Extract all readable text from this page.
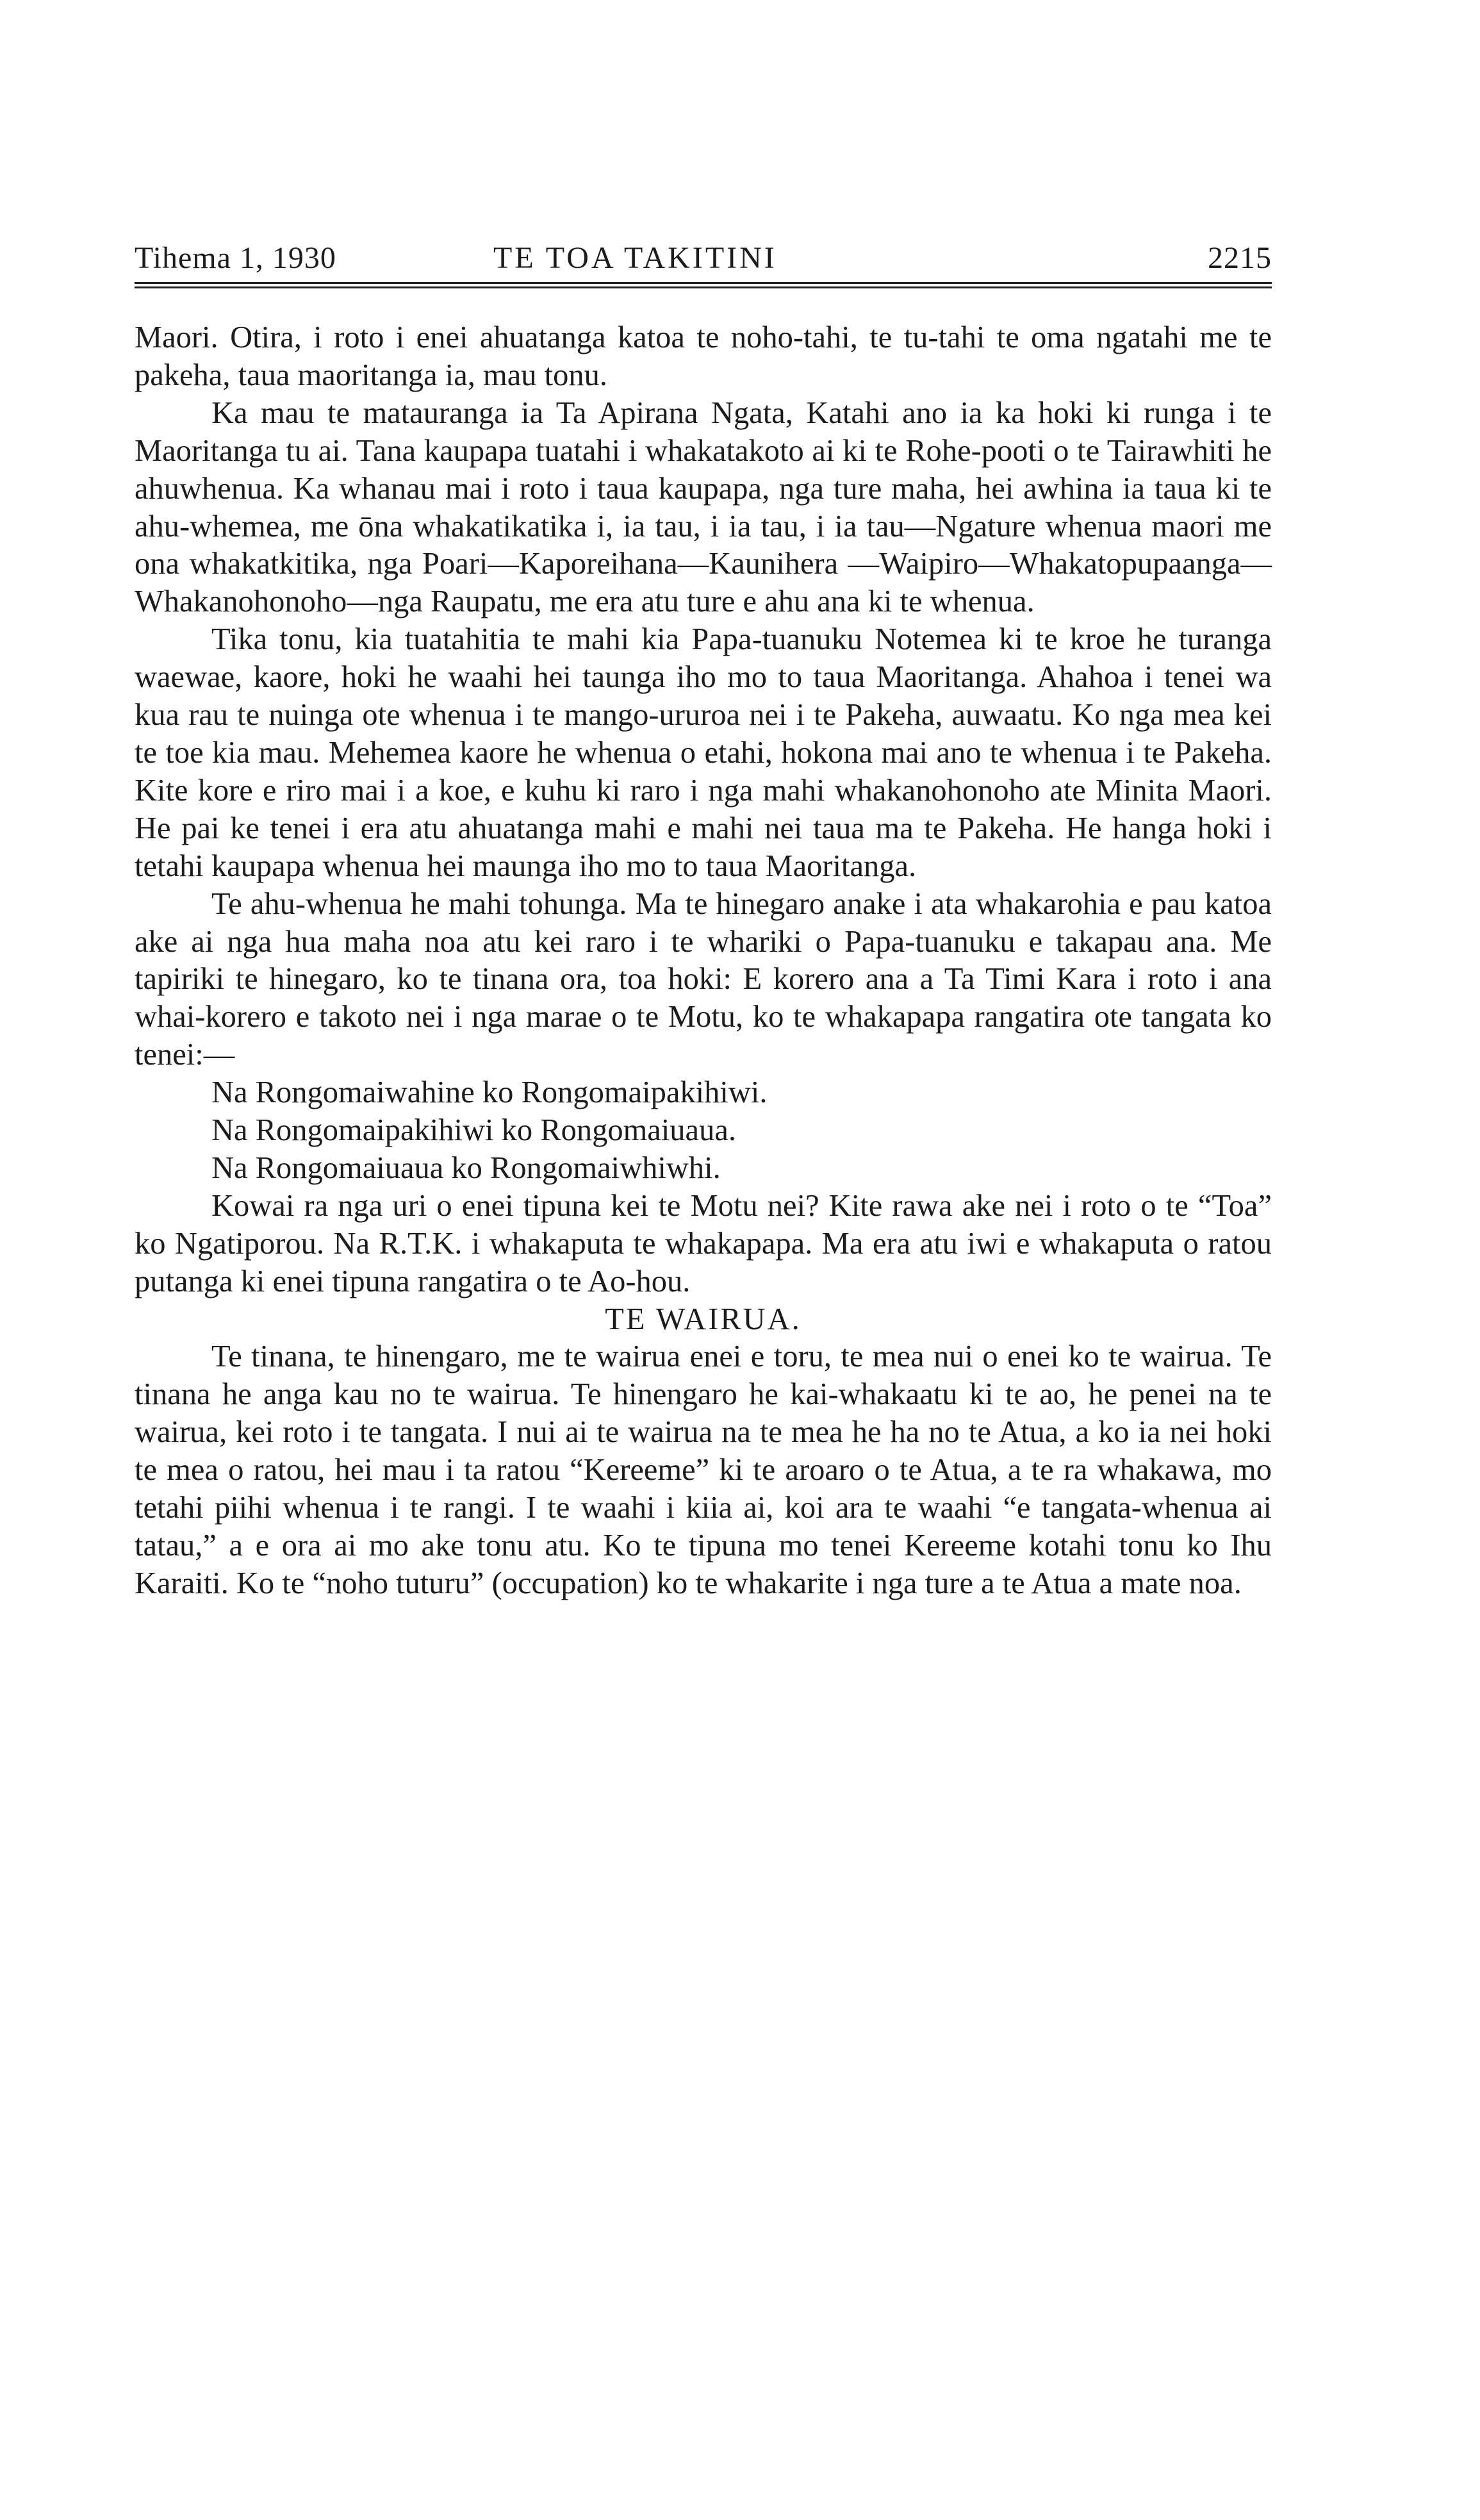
Tihema 1, 1930	TE TOA TAKITINI	2215

Maori. Otira, i roto i enei ahuatanga katoa te noho-tahi, te tu-tahi te oma ngatahi me te pakeha, taua maoritanga ia, mau tonu.

Ka mau te matauranga ia Ta Apirana Ngata, Katahi ano ia ka hoki ki runga i te Maoritanga tu ai. Tana kaupapa tuatahi i whakatakoto ai ki te Rohe-pooti o te Tairawhiti he ahuwhenua. Ka whanau mai i roto i taua kaupapa, nga ture maha, hei awhina ia taua ki te ahu-whemea, me ōna whakatikatika i, ia tau, i ia tau, i ia tau—Ngature whenua maori me ona whakatkitika, nga Poari—Kaporeihana—Kaunihera —Waipiro—Whakatopupaanga—Whakanohonoho—nga Raupatu, me era atu ture e ahu ana ki te whenua.

Tika tonu, kia tuatahitia te mahi kia Papa-tuanuku Notemea ki te kroe he turanga waewae, kaore, hoki he waahi hei taunga iho mo to taua Maoritanga. Ahahoa i tenei wa kua rau te nuinga ote whenua i te mango-ururoa nei i te Pakeha, auwaatu. Ko nga mea kei te toe kia mau. Mehemea kaore he whenua o etahi, hokona mai ano te whenua i te Pakeha. Kite kore e riro mai i a koe, e kuhu ki raro i nga mahi whakanohonoho ate Minita Maori. He pai ke tenei i era atu ahuatanga mahi e mahi nei taua ma te Pakeha. He hanga hoki i tetahi kaupapa whenua hei maunga iho mo to taua Maoritanga.

Te ahu-whenua he mahi tohunga. Ma te hinegaro anake i ata whakarohia e pau katoa ake ai nga hua maha noa atu kei raro i te whariki o Papa-tuanuku e takapau ana. Me tapiriki te hinegaro, ko te tinana ora, toa hoki: E korero ana a Ta Timi Kara i roto i ana whai-korero e takoto nei i nga marae o te Motu, ko te whakapapa rangatira ote tangata ko tenei:—

Na Rongomaiwahine ko Rongomaipakihiwi.

Na Rongomaipakihiwi ko Rongomaiuaua.

Na Rongomaiuaua ko Rongomaiwhiwhi.

Kowai ra nga uri o enei tipuna kei te Motu nei? Kite rawa ake nei i roto o te “Toa” ko Ngatiporou. Na R.T.K. i whakaputa te whakapapa. Ma era atu iwi e whakaputa o ratou putanga ki enei tipuna rangatira o te Ao-hou.

TE WAIRUA.

Te tinana, te hinengaro, me te wairua enei e toru, te mea nui o enei ko te wairua. Te tinana he anga kau no te wairua. Te hinengaro he kai-whakaatu ki te ao, he penei na te wairua, kei roto i te tangata. I nui ai te wairua na te mea he ha no te Atua, a ko ia nei hoki te mea o ratou, hei mau i ta ratou “Kereeme” ki te aroaro o te Atua, a te ra whakawa, mo tetahi piihi whenua i te rangi. I te waahi i kiia ai, koi ara te waahi “e tangata-whenua ai tatau,” a e ora ai mo ake tonu atu. Ko te tipuna mo tenei Kereeme kotahi tonu ko Ihu Karaiti. Ko te “noho tuturu” (occupation) ko te whakarite i nga ture a te Atua a mate noa.
